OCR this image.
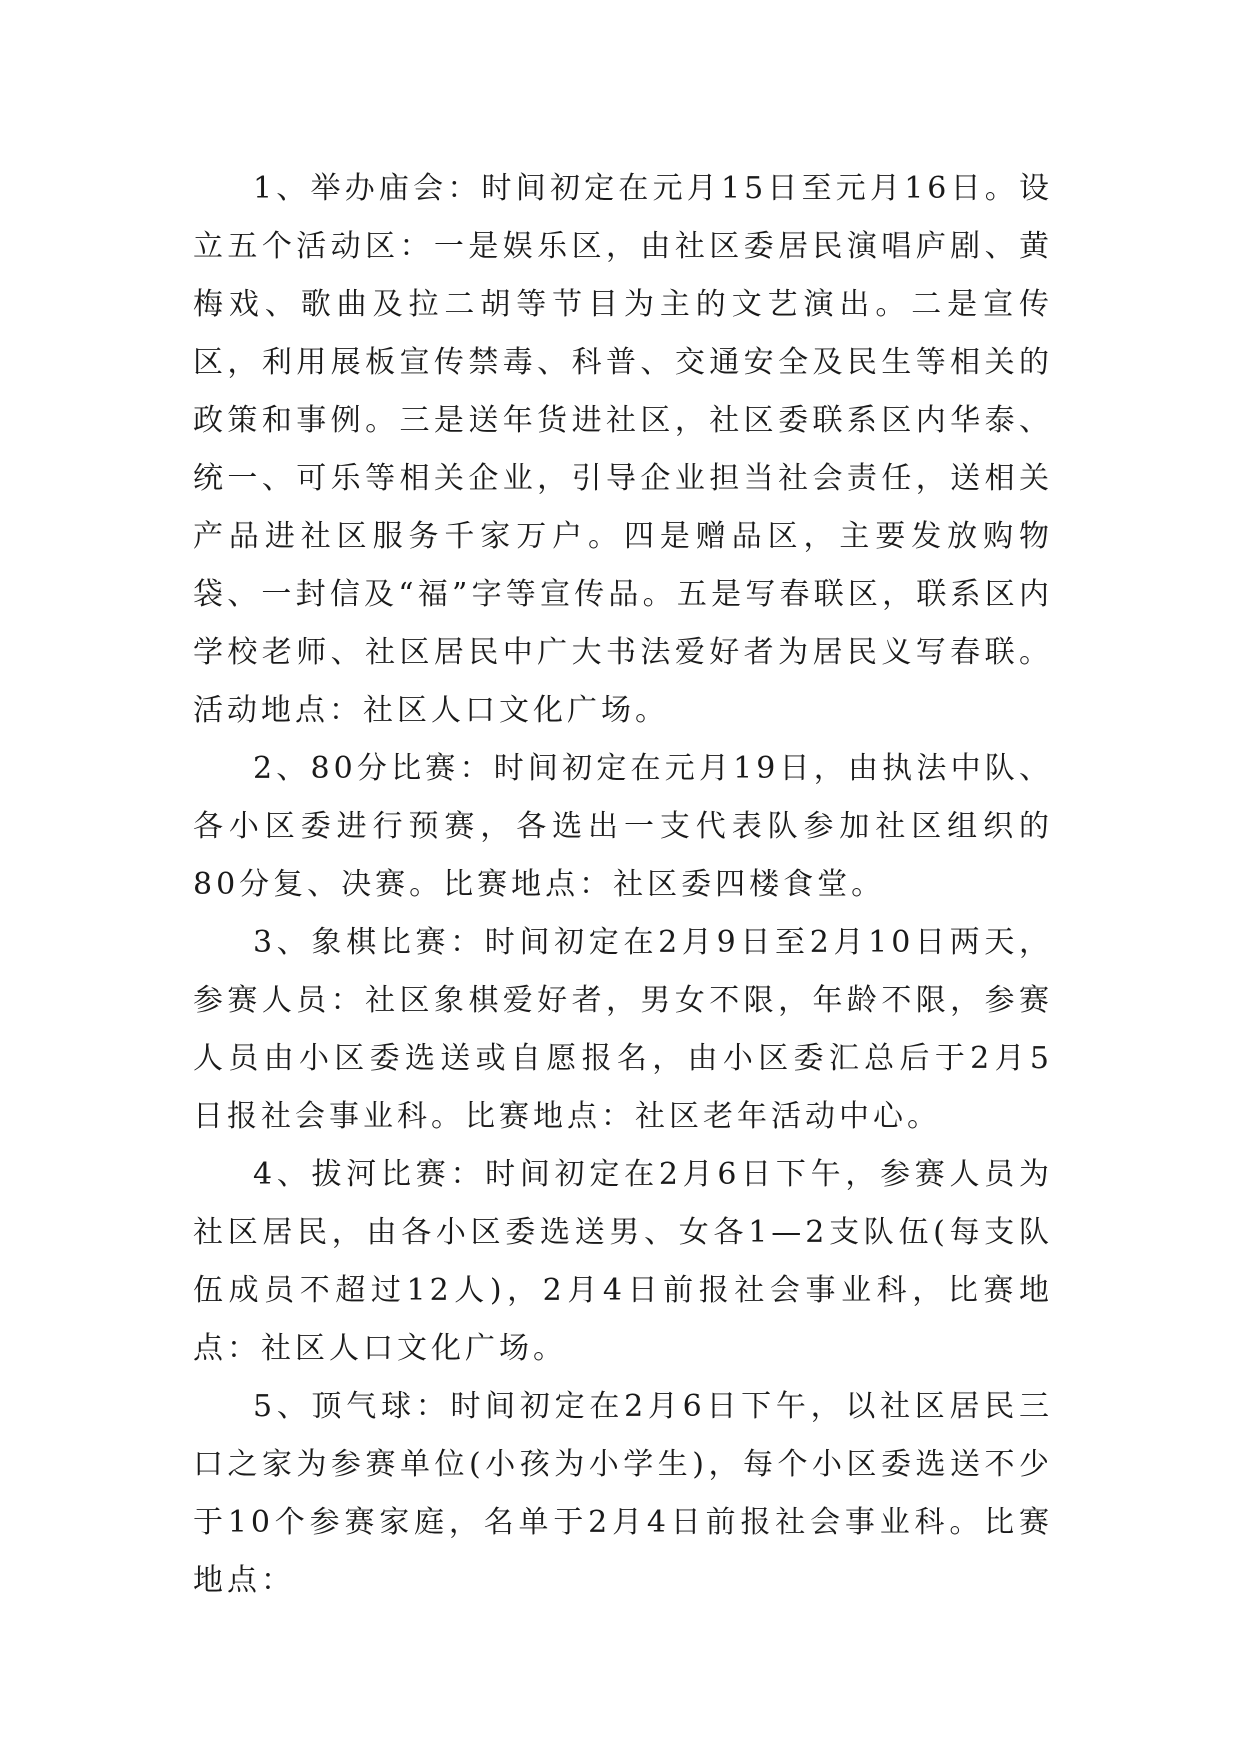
1、举办庙会：时间初定在元月15日至元月16日。设立五个活动区：一是娱乐区，由社区委居民演唱庐剧、黄梅戏、歌曲及拉二胡等节目为主的文艺演出。二是宣传区，利用展板宣传禁毒、科普、交通安全及民生等相关的政策和事例。三是送年货进社区，社区委联系区内华泰、统一、可乐等相关企业，引导企业担当社会责任，送相关产品进社区服务千家万户。四是赠品区，主要发放购物袋、一封信及“福”字等宣传品。五是写春联区，联系区内学校老师、社区居民中广大书法爱好者为居民义写春联。活动地点：社区人口文化广场。

2、80分比赛：时间初定在元月19日，由执法中队、各小区委进行预赛，各选出一支代表队参加社区组织的80分复、决赛。比赛地点：社区委四楼食堂。

3、象棋比赛：时间初定在2月9日至2月10日两天，参赛人员：社区象棋爱好者，男女不限，年龄不限，参赛人员由小区委选送或自愿报名，由小区委汇总后于2月5日报社会事业科。比赛地点：社区老年活动中心。

4、拔河比赛：时间初定在2月6日下午，参赛人员为社区居民，由各小区委选送男、女各1—2支队伍(每支队伍成员不超过12人)，2月4日前报社会事业科，比赛地点：社区人口文化广场。

5、顶气球：时间初定在2月6日下午，以社区居民三口之家为参赛单位(小孩为小学生)，每个小区委选送不少于10个参赛家庭，名单于2月4日前报社会事业科。比赛地点：
